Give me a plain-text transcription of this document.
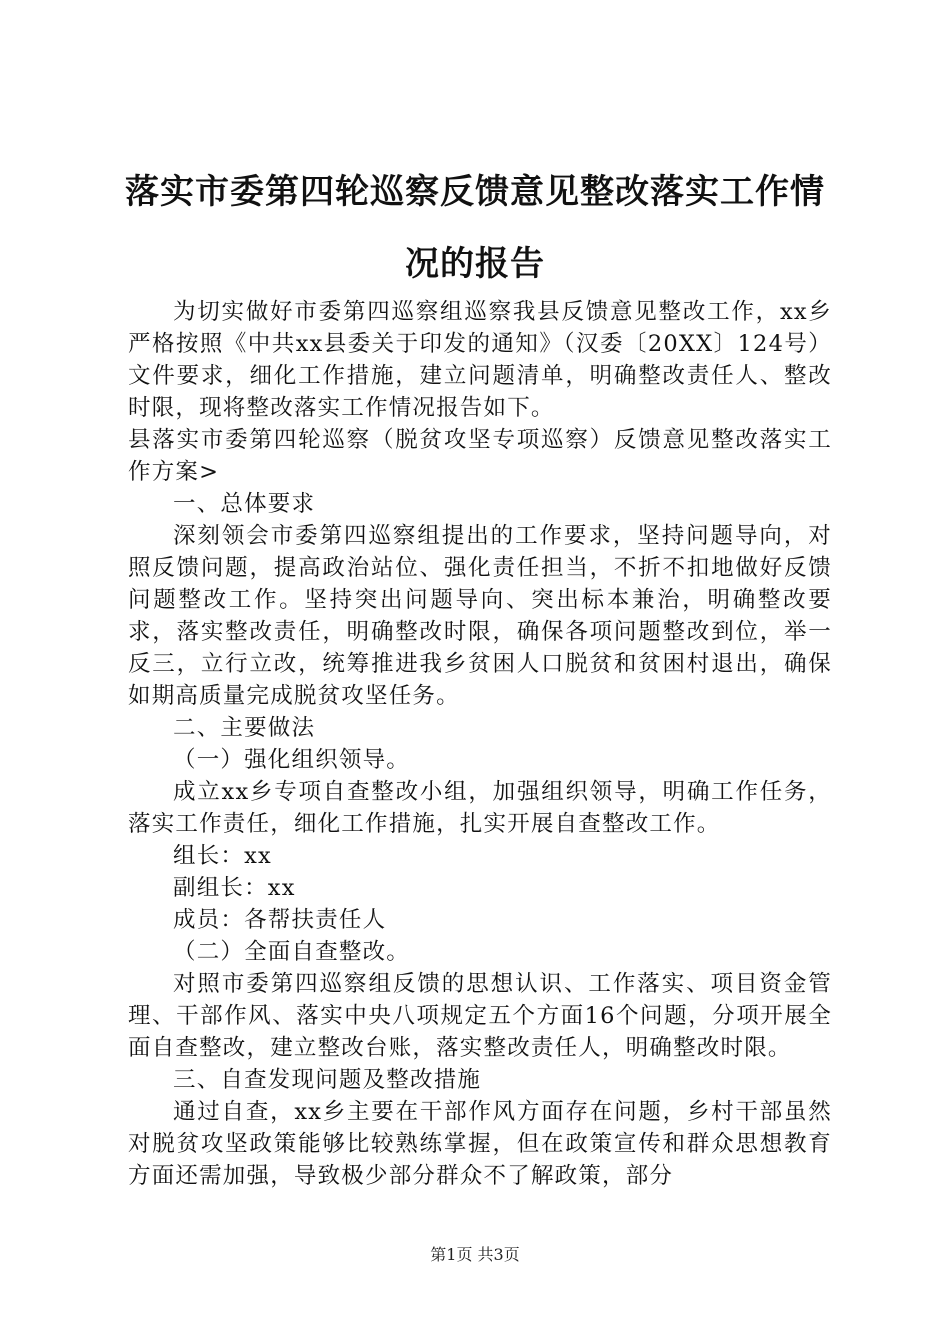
落实市委第四轮巡察反馈意见整改落实工作情
况的报告

为切实做好市委第四巡察组巡察我县反馈意见整改工作，xx乡严格按照《中共xx县委关于印发的通知》（汉委〔20XX〕124号）文件要求，细化工作措施，建立问题清单，明确整改责任人、整改时限，现将整改落实工作情况报告如下。

县落实市委第四轮巡察（脱贫攻坚专项巡察）反馈意见整改落实工作方案>

一、总体要求

深刻领会市委第四巡察组提出的工作要求，坚持问题导向，对照反馈问题，提高政治站位、强化责任担当，不折不扣地做好反馈问题整改工作。坚持突出问题导向、突出标本兼治，明确整改要求，落实整改责任，明确整改时限，确保各项问题整改到位，举一反三，立行立改，统筹推进我乡贫困人口脱贫和贫困村退出，确保如期高质量完成脱贫攻坚任务。

二、主要做法

（一）强化组织领导。

成立xx乡专项自查整改小组，加强组织领导，明确工作任务，落实工作责任，细化工作措施，扎实开展自查整改工作。

组长：xx

副组长：xx

成员：各帮扶责任人

（二）全面自查整改。

对照市委第四巡察组反馈的思想认识、工作落实、项目资金管理、干部作风、落实中央八项规定五个方面16个问题，分项开展全面自查整改，建立整改台账，落实整改责任人，明确整改时限。

三、自查发现问题及整改措施

通过自查，xx乡主要在干部作风方面存在问题，乡村干部虽然对脱贫攻坚政策能够比较熟练掌握，但在政策宣传和群众思想教育方面还需加强，导致极少部分群众不了解政策，部分

第1页 共3页
